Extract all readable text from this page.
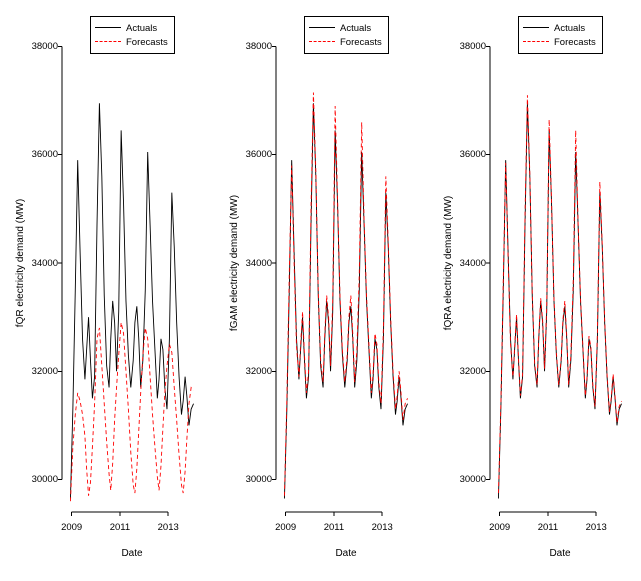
fQR electricity demand (MW)
30000
32000
34000
36000
38000
2009	2011	2013
Date
Actuals
Forecasts
fGAM electricity demand (MW)
30000
32000
34000
36000
38000
2009	2011	2013
Date
Actuals
Forecasts
fQRA electricity demand (MW)
30000
32000
34000
36000
38000
2009	2011	2013
Date
Actuals
Forecasts
